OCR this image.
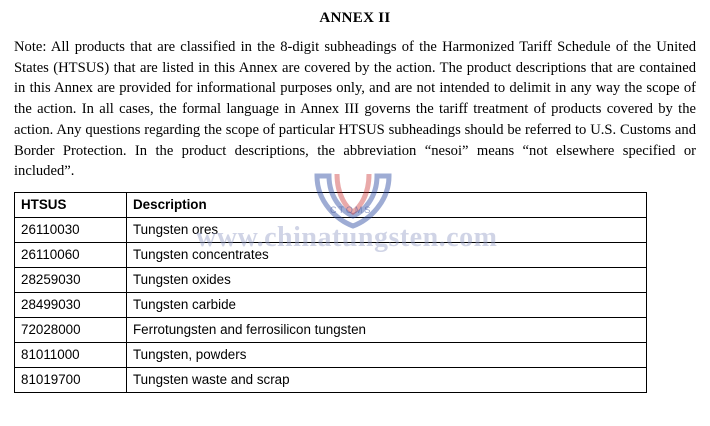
ANNEX II

Note: All products that are classified in the 8-digit subheadings of the Harmonized Tariff Schedule of the United States (HTSUS) that are listed in this Annex are covered by the action. The product descriptions that are contained in this Annex are provided for informational purposes only, and are not intended to delimit in any way the scope of the action. In all cases, the formal language in Annex III governs the tariff treatment of products covered by the action. Any questions regarding the scope of particular HTSUS subheadings should be referred to U.S. Customs and Border Protection. In the product descriptions, the abbreviation “nesoi” means “not elsewhere specified or included”.

HTSUS	Description
26110030	Tungsten ores
26110060	Tungsten concentrates
28259030	Tungsten oxides
28499030	Tungsten carbide
72028000	Ferrotungsten and ferrosilicon tungsten
81011000	Tungsten, powders
81019700	Tungsten waste and scrap
CTOMS
www.chinatungsten.com
